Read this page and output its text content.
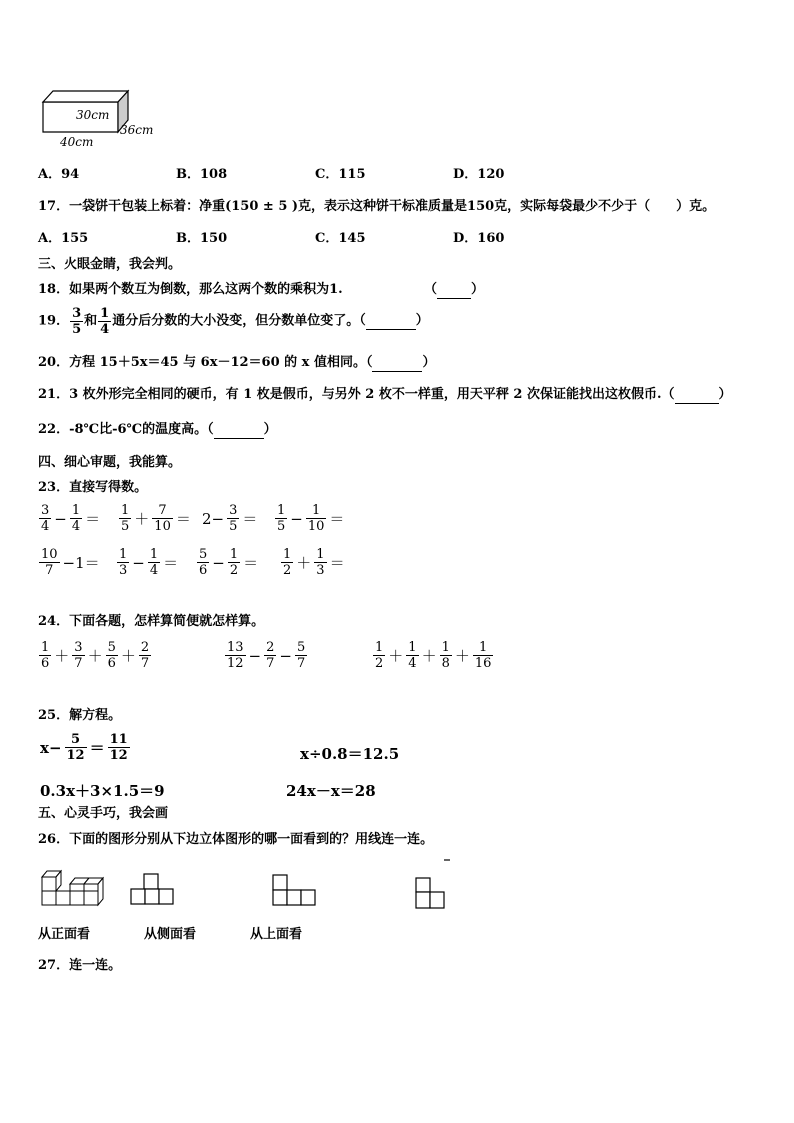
30cm
36cm
40cm
A．94	B．108	C．115	D．120
17．一袋饼干包装上标着：净重(150 ± 5 )克，表示这种饼干标准质量是150克，实际每袋最少不少于（　　）克。
A．155	B．150	C．145	D．160
三、火眼金睛，我会判。
18．如果两个数互为倒数，那么这两个数的乘积为1.	（	）
19． $\frac{3}{5}$ 和 $\frac{1}{4}$ 通分后分数的大小没变，但分数单位变了。（	）
20．方程 15＋5x＝45 与 6x－12＝60 的 x 值相同。（	）
21．3 枚外形完全相同的硬币，有 1 枚是假币，与另外 2 枚不一样重，用天平秤 2 次保证能找出这枚假币.（	）
22．-8℃比-6℃的温度高。（	）
四、细心审题，我能算。
23．直接写得数。
$\frac{3}{4} - \frac{1}{4} = \frac{1}{5} + \frac{7}{10} = 2- \frac{3}{5} = \frac{1}{5} - \frac{1}{10}$ ＝
$\frac{10}{7} -1= \frac{1}{3} - \frac{1}{4} = \frac{5}{6} - \frac{1}{2} = \frac{1}{2} + \frac{1}{3}$ ＝
24．下面各题，怎样算简便就怎样算。
$\frac{1}{6} + \frac{3}{7} + \frac{5}{6} + \frac{2}{7}$	$\frac{13}{12} - \frac{2}{7} - \frac{5}{7}$	$\frac{1}{2} + \frac{1}{4} + \frac{1}{8} + \frac{1}{16}$
25．解方程。
$x- \frac{5}{12} = \frac{11}{12}$	x÷0.8＝12.5
0.3x＋3×1.5＝9	24x－x＝28
五、心灵手巧，我会画
26．下面的图形分别从下边立体图形的哪一面看到的？用线连一连。
从正面看	从侧面看	从上面看
27．连一连。
